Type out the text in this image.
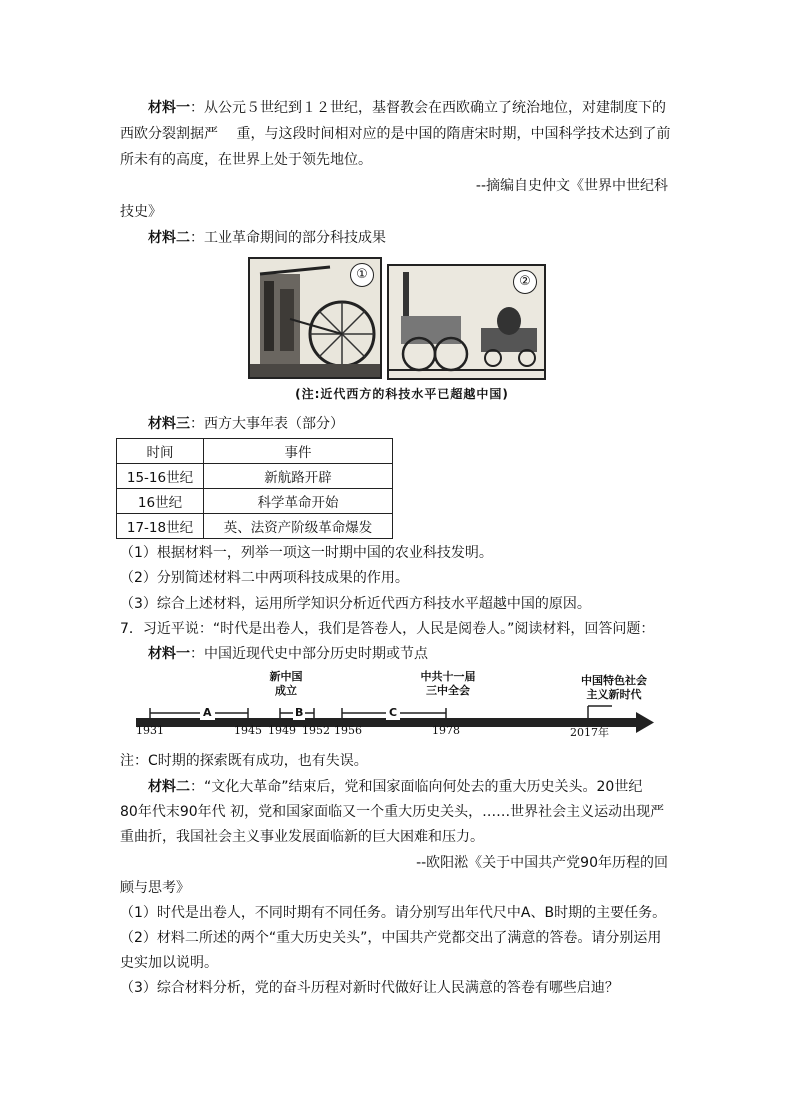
材料一：从公元５世纪到１２世纪，基督教会在西欧确立了统治地位，对建制度下的
西欧分裂割据严　 重，与这段时间相对应的是中国的隋唐宋时期，中国科学技术达到了前
所未有的高度，在世界上处于领先地位。
--摘编自史仲文《世界中世纪科
技史》
材料二：工业革命期间的部分科技成果
①	②
(注:近代西方的科技水平已超越中国)
材料三：西方大事年表（部分）
时间	事件
15-16世纪	新航路开辟
16世纪	科学革命开始
17-18世纪	英、法资产阶级革命爆发
（1）根据材料一，列举一项这一时期中国的农业科技发明。
（2）分别简述材料二中两项科技成果的作用。
（3）综合上述材料，运用所学知识分析近代西方科技水平超越中国的原因。
7．习近平说：“时代是出卷人，我们是答卷人，人民是阅卷人。”阅读材料，回答问题：
材料一：中国近现代史中部分历史时期或节点
A	B	C
新中国
成立
中共十一届
三中全会
中国特色社会
主义新时代
1931	1945 1949 1952 1956	1978	2017年
注：C时期的探索既有成功，也有失误。
材料二：“文化大革命”结束后，党和国家面临向何处去的重大历史关头。20世纪
80年代末90年代 初，党和国家面临又一个重大历史关头，……世界社会主义运动出现严
重曲折，我国社会主义事业发展面临新的巨大困难和压力。
--欧阳淞《关于中国共产党90年历程的回
顾与思考》
（1）时代是出卷人，不同时期有不同任务。请分别写出年代尺中A、B时期的主要任务。
（2）材料二所述的两个“重大历史关头”，中国共产党都交出了满意的答卷。请分别运用
史实加以说明。
（3）综合材料分析，党的奋斗历程对新时代做好让人民满意的答卷有哪些启迪？
